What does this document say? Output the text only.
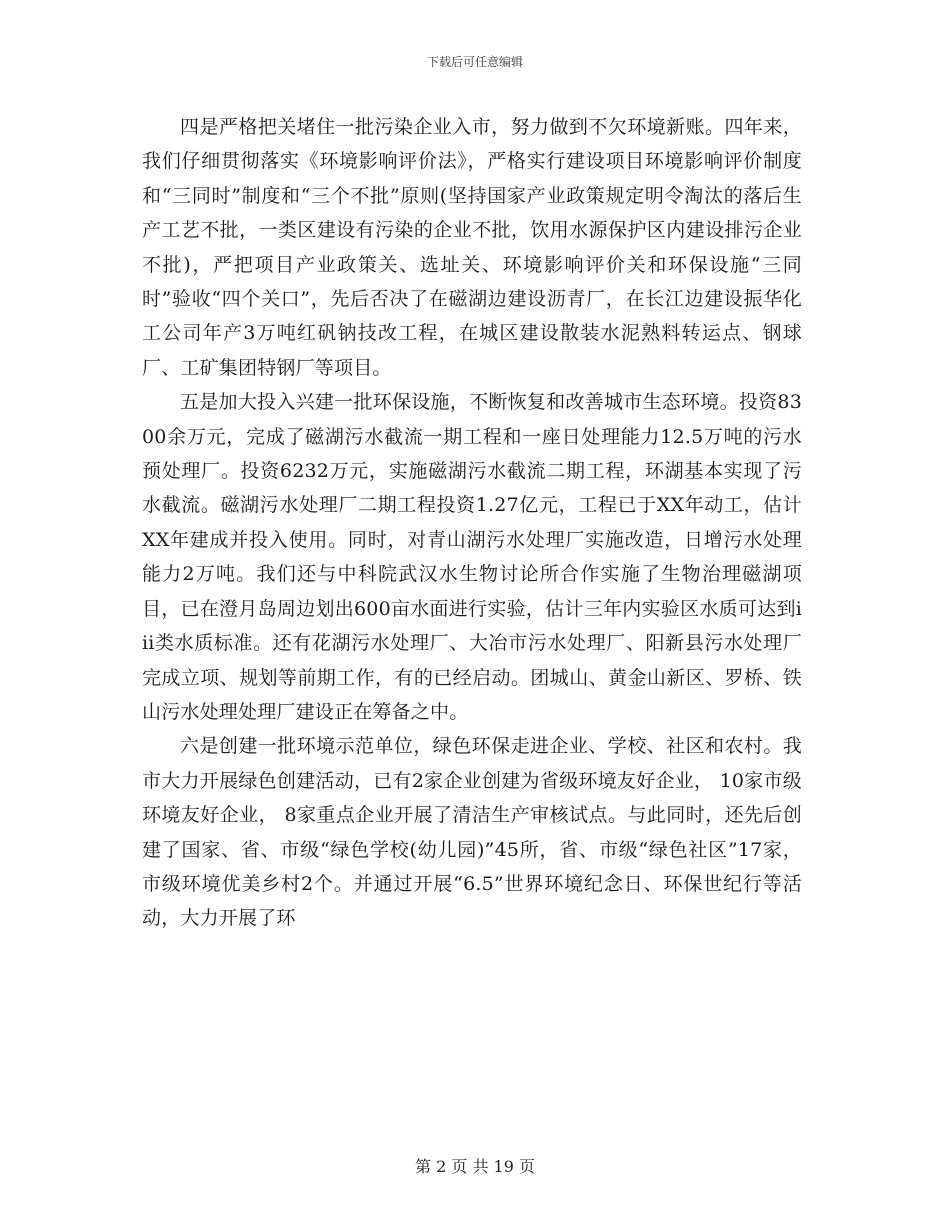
下载后可任意编辑

四是严格把关堵住一批污染企业入市，努力做到不欠环境新账。四年来，我们仔细贯彻落实《环境影响评价法》，严格实行建设项目环境影响评价制度和“三同时”制度和“三个不批”原则(坚持国家产业政策规定明令淘汰的落后生产工艺不批，一类区建设有污染的企业不批，饮用水源保护区内建设排污企业不批)，严把项目产业政策关、选址关、环境影响评价关和环保设施“三同时”验收“四个关口”，先后否决了在磁湖边建设沥青厂，在长江边建设振华化工公司年产3万吨红矾钠技改工程，在城区建设散装水泥熟料转运点、钢球厂、工矿集团特钢厂等项目。

五是加大投入兴建一批环保设施，不断恢复和改善城市生态环境。投资8300余万元，完成了磁湖污水截流一期工程和一座日处理能力12.5万吨的污水预处理厂。投资6232万元，实施磁湖污水截流二期工程，环湖基本实现了污水截流。磁湖污水处理厂二期工程投资1.27亿元，工程已于XX年动工，估计XX年建成并投入使用。同时，对青山湖污水处理厂实施改造，日增污水处理能力2万吨。我们还与中科院武汉水生物讨论所合作实施了生物治理磁湖项目，已在澄月岛周边划出600亩水面进行实验，估计三年内实验区水质可达到iii类水质标准。还有花湖污水处理厂、大冶市污水处理厂、阳新县污水处理厂完成立项、规划等前期工作，有的已经启动。团城山、黄金山新区、罗桥、铁山污水处理处理厂建设正在筹备之中。

六是创建一批环境示范单位，绿色环保走进企业、学校、社区和农村。我市大力开展绿色创建活动，已有2家企业创建为省级环境友好企业， 10家市级环境友好企业， 8家重点企业开展了清洁生产审核试点。与此同时，还先后创建了国家、省、市级“绿色学校(幼儿园)”45所，省、市级“绿色社区”17家，市级环境优美乡村2个。并通过开展“6.5”世界环境纪念日、环保世纪行等活动，大力开展了环

第 2 页 共 19 页
